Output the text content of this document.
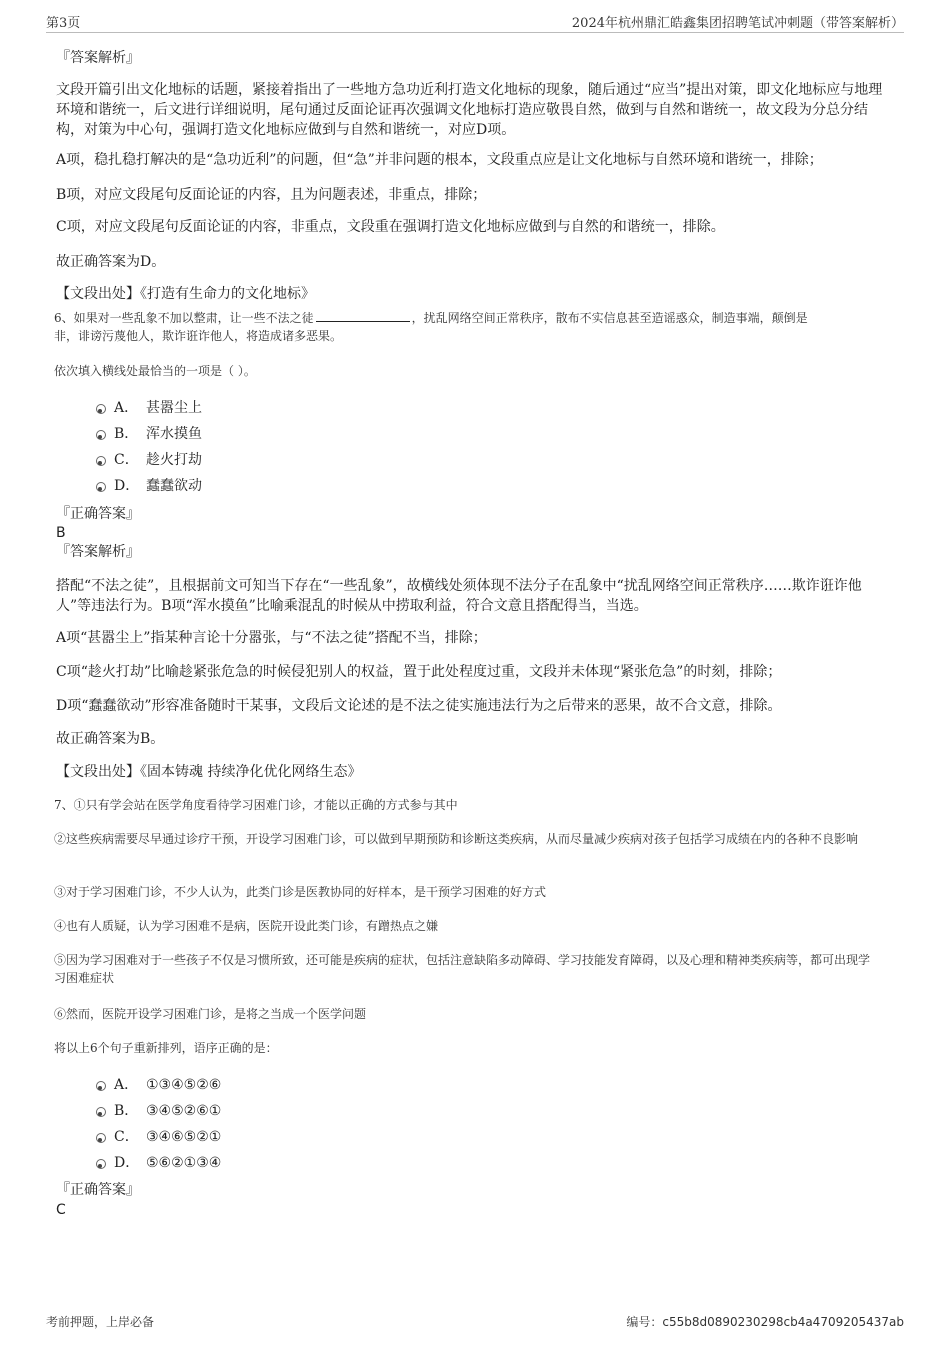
第3页	2024年杭州鼎汇皓鑫集团招聘笔试冲刺题（带答案解析）
『答案解析』

文段开篇引出文化地标的话题，紧接着指出了一些地方急功近利打造文化地标的现象，随后通过“应当”提出对策，即文化地标应与地理环境和谐统一，后文进行详细说明，尾句通过反面论证再次强调文化地标打造应敬畏自然，做到与自然和谐统一，故文段为分总分结构，对策为中心句，强调打造文化地标应做到与自然和谐统一，对应D项。

A项，稳扎稳打解决的是“急功近利”的问题，但“急”并非问题的根本，文段重点应是让文化地标与自然环境和谐统一，排除；

B项，对应文段尾句反面论证的内容，且为问题表述，非重点，排除；

C项，对应文段尾句反面论证的内容，非重点，文段重在强调打造文化地标应做到与自然的和谐统一，排除。

故正确答案为D。

【文段出处】《打造有生命力的文化地标》

6、如果对一些乱象不加以整肃，让一些不法之徒	，扰乱网络空间正常秩序，散布不实信息甚至造谣惑众，制造事端，颠倒是
非，诽谤污蔑他人，欺诈诳诈他人，将造成诸多恶果。

依次填入横线处最恰当的一项是（ ）。

A． 甚嚣尘上
B． 浑水摸鱼
C． 趁火打劫
D． 蠢蠢欲动
『正确答案』
B
『答案解析』

搭配“不法之徒”，且根据前文可知当下存在“一些乱象”，故横线处须体现不法分子在乱象中“扰乱网络空间正常秩序……欺诈诳诈他人”等违法行为。B项“浑水摸鱼”比喻乘混乱的时候从中捞取利益，符合文意且搭配得当，当选。

A项“甚嚣尘上”指某种言论十分嚣张，与“不法之徒”搭配不当，排除；

C项“趁火打劫”比喻趁紧张危急的时候侵犯别人的权益，置于此处程度过重，文段并未体现“紧张危急”的时刻，排除；

D项“蠢蠢欲动”形容准备随时干某事，文段后文论述的是不法之徒实施违法行为之后带来的恶果，故不合文意，排除。

故正确答案为B。

【文段出处】《固本铸魂 持续净化优化网络生态》

7、①只有学会站在医学角度看待学习困难门诊，才能以正确的方式参与其中

②这些疾病需要尽早通过诊疗干预，开设学习困难门诊，可以做到早期预防和诊断这类疾病，从而尽量减少疾病对孩子包括学习成绩在内的各种不良影响

③对于学习困难门诊，不少人认为，此类门诊是医教协同的好样本，是干预学习困难的好方式

④也有人质疑，认为学习困难不是病，医院开设此类门诊，有蹭热点之嫌

⑤因为学习困难对于一些孩子不仅是习惯所致，还可能是疾病的症状，包括注意缺陷多动障碍、学习技能发育障碍，以及心理和精神类疾病等，都可出现学习困难症状

⑥然而，医院开设学习困难门诊，是将之当成一个医学问题

将以上6个句子重新排列，语序正确的是：

A． ①③④⑤②⑥
B． ③④⑤②⑥①
C． ③④⑥⑤②①
D． ⑤⑥②①③④
『正确答案』
C
考前押题，上岸必备	编号：c55b8d0890230298cb4a4709205437ab
